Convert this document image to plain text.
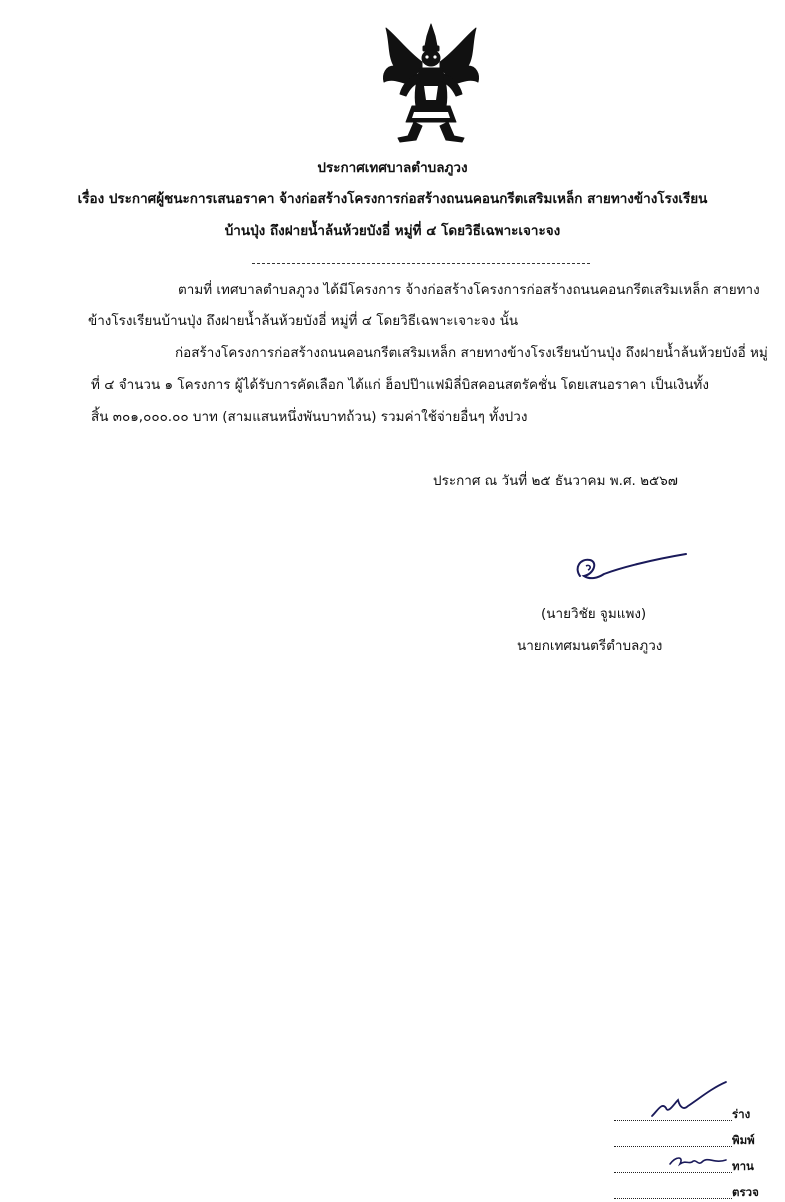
ประกาศเทศบาลตำบลภูวง
เรื่อง ประกาศผู้ชนะการเสนอราคา จ้างก่อสร้างโครงการก่อสร้างถนนคอนกรีตเสริมเหล็ก สายทางข้างโรงเรียน
บ้านปุ่ง ถึงฝายน้ำล้นห้วยบังอี่ หมู่ที่ ๔ โดยวิธีเฉพาะเจาะจง
ตามที่ เทศบาลตำบลภูวง ได้มีโครงการ จ้างก่อสร้างโครงการก่อสร้างถนนคอนกรีตเสริมเหล็ก สายทาง
ข้างโรงเรียนบ้านปุ่ง ถึงฝายน้ำล้นห้วยบังอี่ หมู่ที่ ๔ โดยวิธีเฉพาะเจาะจง นั้น
ก่อสร้างโครงการก่อสร้างถนนคอนกรีตเสริมเหล็ก สายทางข้างโรงเรียนบ้านปุ่ง ถึงฝายน้ำล้นห้วยบังอี่ หมู่
ที่ ๔ จำนวน ๑ โครงการ ผู้ได้รับการคัดเลือก ได้แก่ ฮ็อปป๊าแฟมิลี่บิสคอนสตรัคชั่น โดยเสนอราคา เป็นเงินทั้ง
สิ้น ๓๐๑,๐๐๐.๐๐ บาท (สามแสนหนึ่งพันบาทถ้วน) รวมค่าใช้จ่ายอื่นๆ ทั้งปวง
ประกาศ ณ วันที่ ๒๕ ธันวาคม พ.ศ. ๒๕๖๗
(นายวิชัย จูมแพง)
นายกเทศมนตรีตำบลภูวง
ร่าง
พิมพ์
ทาน
ตรวจ
